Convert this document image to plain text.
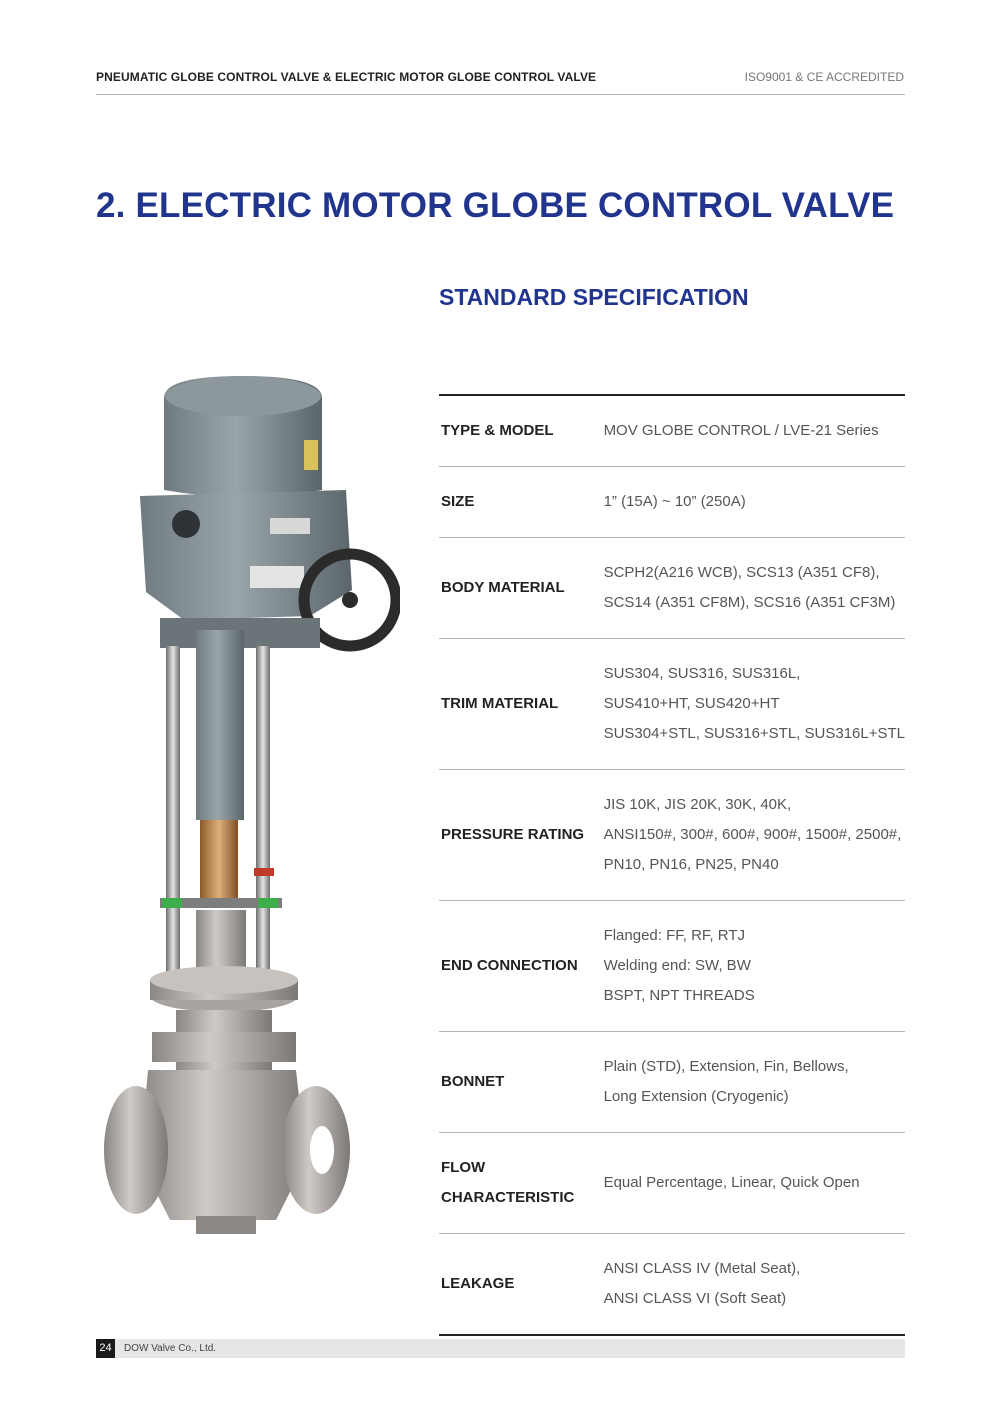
PNEUMATIC GLOBE CONTROL VALVE & ELECTRIC MOTOR GLOBE CONTROL VALVE	ISO9001 & CE ACCREDITED
2. ELECTRIC MOTOR GLOBE CONTROL VALVE
STANDARD SPECIFICATION
TYPE & MODEL	MOV GLOBE CONTROL / LVE-21 Series

SIZE	1” (15A) ~ 10” (250A)

BODY MATERIAL	SCPH2(A216 WCB), SCS13 (A351 CF8),
SCS14 (A351 CF8M), SCS16 (A351 CF3M)

TRIM MATERIAL	SUS304, SUS316, SUS316L,
SUS410+HT, SUS420+HT
SUS304+STL, SUS316+STL, SUS316L+STL

PRESSURE RATING	JIS 10K, JIS 20K, 30K, 40K,
ANSI150#, 300#, 600#, 900#, 1500#, 2500#,
PN10, PN16, PN25, PN40

END CONNECTION	Flanged: FF, RF, RTJ
Welding end: SW, BW
BSPT, NPT THREADS

BONNET	Plain (STD), Extension, Fin, Bellows,
Long Extension (Cryogenic)

FLOW
CHARACTERISTIC	Equal Percentage, Linear, Quick Open

LEAKAGE	ANSI CLASS IV (Metal Seat),
ANSI CLASS VI (Soft Seat)
24	DOW Valve Co., Ltd.
